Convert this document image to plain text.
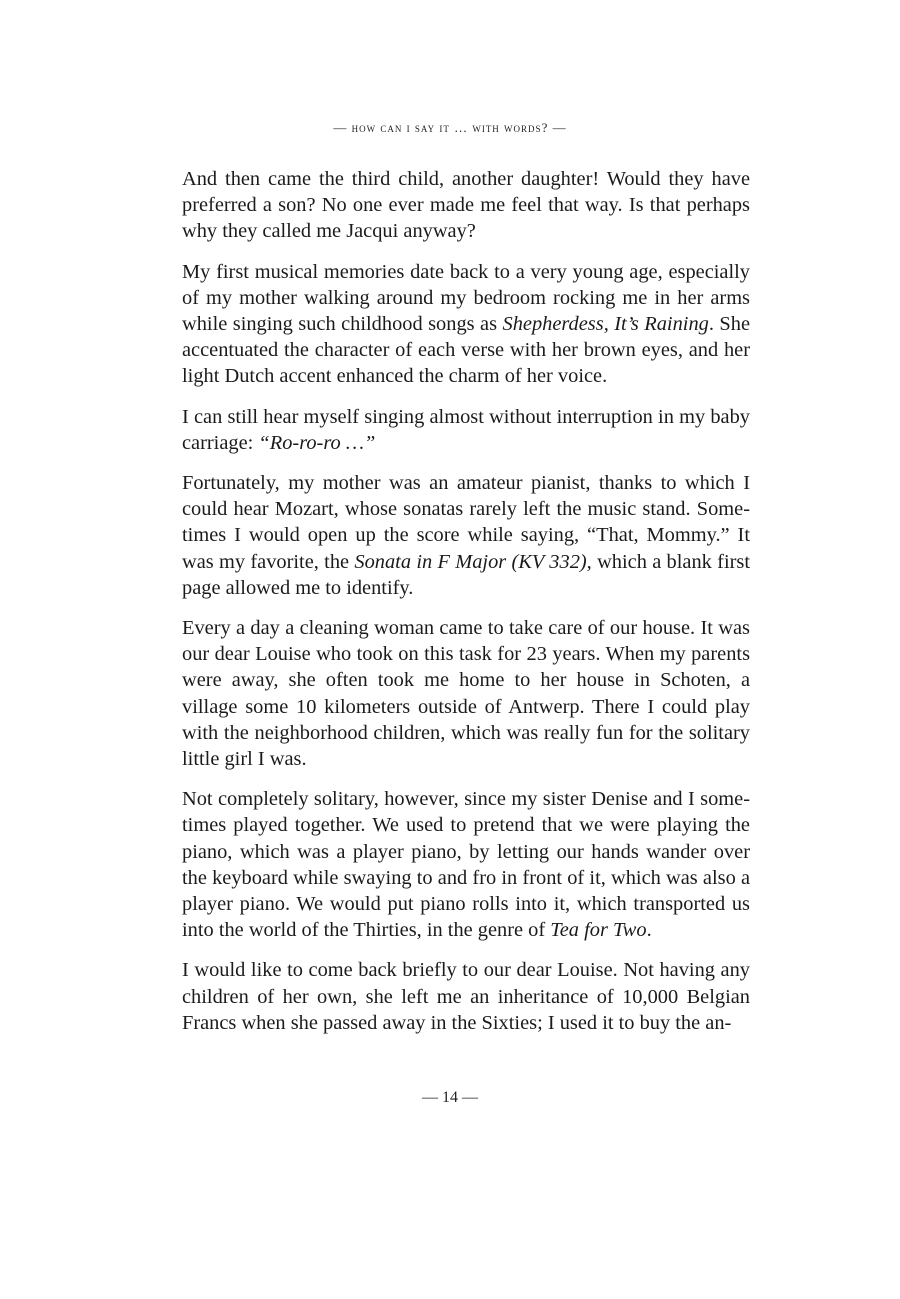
— how can i say it … with words? —

And then came the third child, another daughter! Would they have preferred a son? No one ever made me feel that way. Is that perhaps why they called me Jacqui anyway?

My first musical memories date back to a very young age, especially of my mother walking around my bedroom rocking me in her arms while singing such childhood songs as Shepherdess, It’s Raining. She accentuated the character of each verse with her brown eyes, and her light Dutch accent enhanced the charm of her voice.

I can still hear myself singing almost without interruption in my baby carriage: “Ro-ro-ro …”

Fortunately, my mother was an amateur pianist, thanks to which I could hear Mozart, whose sonatas rarely left the music stand. Sometimes I would open up the score while saying, “That, Mommy.” It was my favorite, the Sonata in F Major (KV 332), which a blank first page allowed me to identify.

Every a day a cleaning woman came to take care of our house. It was our dear Louise who took on this task for 23 years. When my parents were away, she often took me home to her house in Schoten, a village some 10 kilometers outside of Antwerp. There I could play with the neighborhood children, which was really fun for the solitary little girl I was.

Not completely solitary, however, since my sister Denise and I sometimes played together. We used to pretend that we were playing the piano, which was a player piano, by letting our hands wander over the keyboard while swaying to and fro in front of it, which was also a player piano. We would put piano rolls into it, which transported us into the world of the Thirties, in the genre of Tea for Two.

I would like to come back briefly to our dear Louise. Not having any children of her own, she left me an inheritance of 10,000 Belgian Francs when she passed away in the Sixties; I used it to buy the an-

— 14 —
